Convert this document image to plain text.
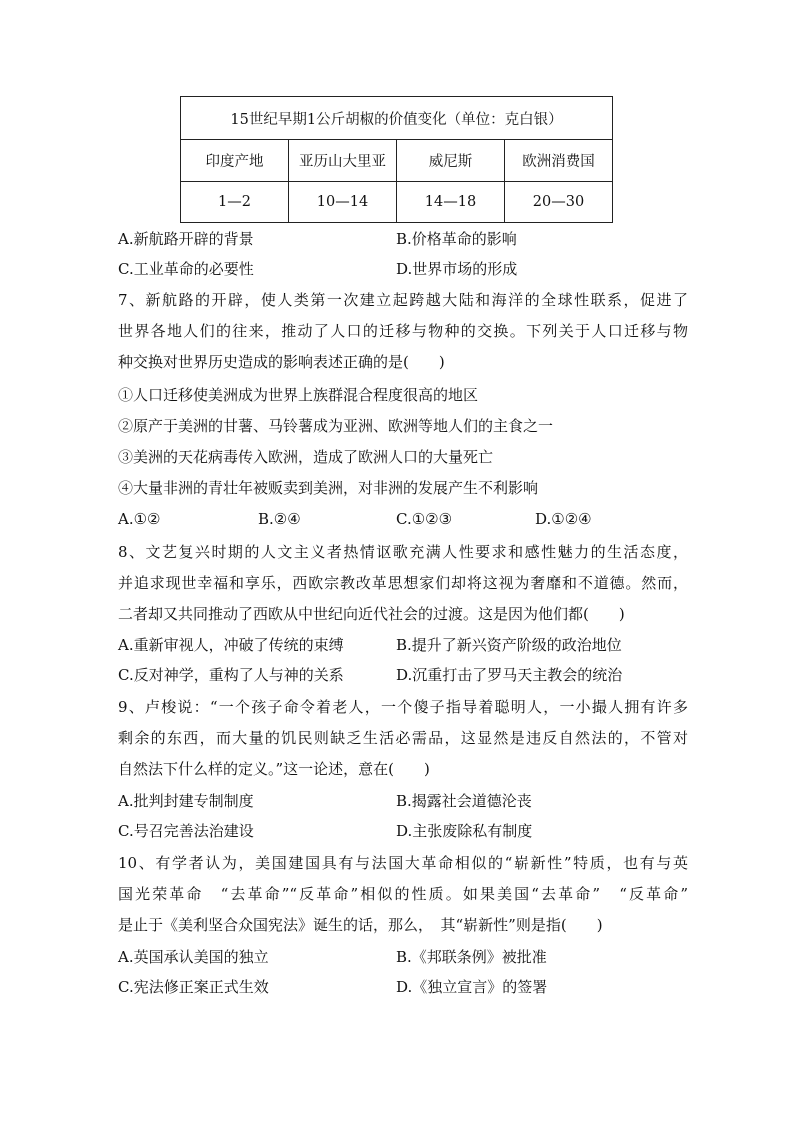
15世纪早期1公斤胡椒的价值变化（单位：克白银）			
印度产地	亚历山大里亚	威尼斯	欧洲消费国
1—2	10—14	14—18	20—30
A.新航路开辟的背景	B.价格革命的影响
C.工业革命的必要性	D.世界市场的形成
7、新航路的开辟，使人类第一次建立起跨越大陆和海洋的全球性联系，促进了
世界各地人们的往来，推动了人口的迁移与物种的交换。下列关于人口迁移与物
种交换对世界历史造成的影响表述正确的是(　　)
①人口迁移使美洲成为世界上族群混合程度很高的地区
②原产于美洲的甘薯、马铃薯成为亚洲、欧洲等地人们的主食之一
③美洲的天花病毒传入欧洲，造成了欧洲人口的大量死亡
④大量非洲的青壮年被贩卖到美洲，对非洲的发展产生不利影响
A.①②	B.②④	C.①②③	D.①②④
8、文艺复兴时期的人文主义者热情讴歌充满人性要求和感性魅力的生活态度，
并追求现世幸福和享乐，西欧宗教改革思想家们却将这视为奢靡和不道德。然而，
二者却又共同推动了西欧从中世纪向近代社会的过渡。这是因为他们都(　　)
A.重新审视人，冲破了传统的束缚	B.提升了新兴资产阶级的政治地位
C.反对神学，重构了人与神的关系	D.沉重打击了罗马天主教会的统治
9、卢梭说：“一个孩子命令着老人，一个傻子指导着聪明人，一小撮人拥有许多
剩余的东西，而大量的饥民则缺乏生活必需品，这显然是违反自然法的，不管对
自然法下什么样的定义。”这一论述，意在(　　)
A.批判封建专制制度	B.揭露社会道德沦丧
C.号召完善法治建设	D.主张废除私有制度
10、有学者认为，美国建国具有与法国大革命相似的“崭新性”特质，也有与英
国光荣革命　“去革命”“反革命”相似的性质。如果美国“去革命”　“反革命”
是止于《美利坚合众国宪法》诞生的话，那么，　其“崭新性”则是指(　　)
A.英国承认美国的独立	B.《邦联条例》被批准
C.宪法修正案正式生效	D.《独立宣言》的签署
